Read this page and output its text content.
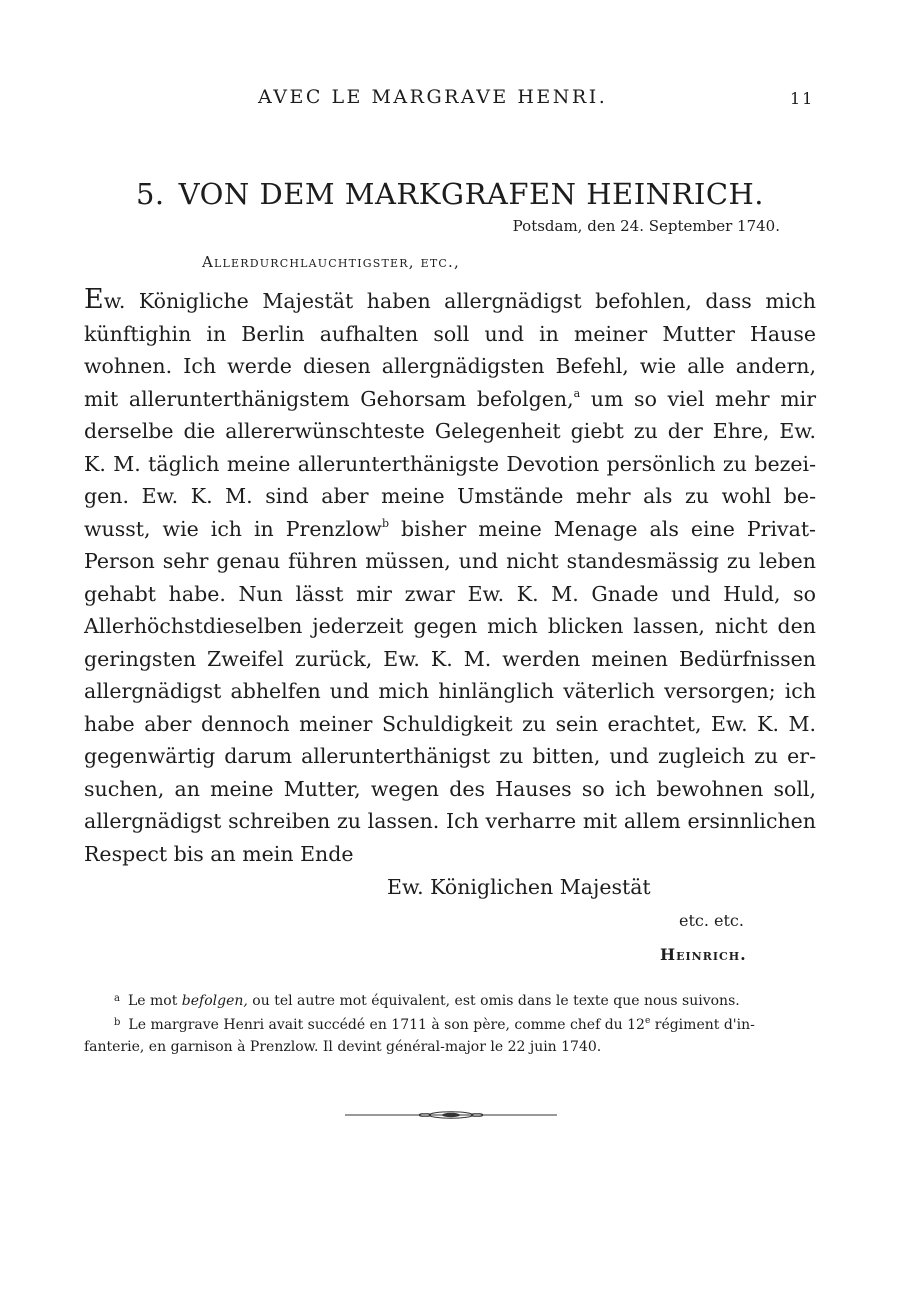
AVEC LE MARGRAVE HENRI.	11
5. VON DEM MARKGRAFEN HEINRICH.
Potsdam, den 24. September 1740.
Allerdurchlauchtigster, etc.,
Ew. Königliche Majestät haben allergnädigst befohlen, dass mich
künftighin in Berlin aufhalten soll und in meiner Mutter Hause
wohnen. Ich werde diesen allergnädigsten Befehl, wie alle andern,
mit allerunterthänigstem Gehorsam befolgen,$^a$ um so viel mehr mir
derselbe die allererwünschteste Gelegenheit giebt zu der Ehre, Ew.
K. M. täglich meine allerunterthänigste Devotion persönlich zu bezei-
gen. Ew. K. M. sind aber meine Umstände mehr als zu wohl be-
wusst, wie ich in Prenzlow$^b$ bisher meine Menage als eine Privat-
Person sehr genau führen müssen, und nicht standesmässig zu leben
gehabt habe. Nun lässt mir zwar Ew. K. M. Gnade und Huld, so
Allerhöchstdieselben jederzeit gegen mich blicken lassen, nicht den
geringsten Zweifel zurück, Ew. K. M. werden meinen Bedürfnissen
allergnädigst abhelfen und mich hinlänglich väterlich versorgen; ich
habe aber dennoch meiner Schuldigkeit zu sein erachtet, Ew. K. M.
gegenwärtig darum allerunterthänigst zu bitten, und zugleich zu er-
suchen, an meine Mutter, wegen des Hauses so ich bewohnen soll,
allergnädigst schreiben zu lassen. Ich verharre mit allem ersinnlichen
Respect bis an mein Ende
Ew. Königlichen Majestät
etc. etc.
Heinrich.
$^a$ Le mot befolgen, ou tel autre mot équivalent, est omis dans le texte que nous suivons.
$^b$ Le margrave Henri avait succédé en 1711 à son père, comme chef du 12e régiment d'in-
fanterie, en garnison à Prenzlow. Il devint général-major le 22 juin 1740.
